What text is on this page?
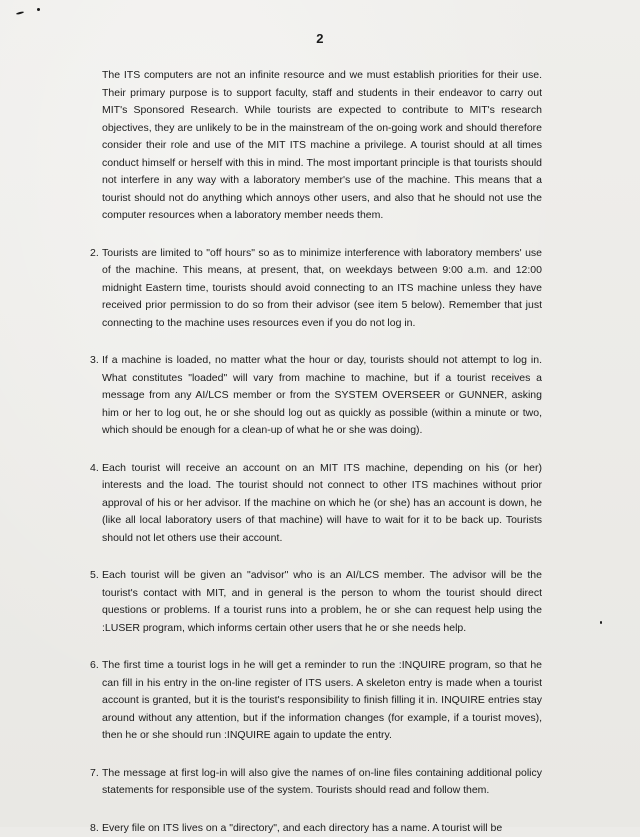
2

The ITS computers are not an infinite resource and we must establish priorities for their use. Their primary purpose is to support faculty, staff and students in their endeavor to carry out MIT's Sponsored Research. While tourists are expected to contribute to MIT's research objectives, they are unlikely to be in the mainstream of the on-going work and should therefore consider their role and use of the MIT ITS machine a privilege. A tourist should at all times conduct himself or herself with this in mind. The most important principle is that tourists should not interfere in any way with a laboratory member's use of the machine. This means that a tourist should not do anything which annoys other users, and also that he should not use the computer resources when a laboratory member needs them.

2. Tourists are limited to "off hours" so as to minimize interference with laboratory members' use of the machine. This means, at present, that, on weekdays between 9:00 a.m. and 12:00 midnight Eastern time, tourists should avoid connecting to an ITS machine unless they have received prior permission to do so from their advisor (see item 5 below). Remember that just connecting to the machine uses resources even if you do not log in.
3. If a machine is loaded, no matter what the hour or day, tourists should not attempt to log in. What constitutes "loaded" will vary from machine to machine, but if a tourist receives a message from any AI/LCS member or from the SYSTEM OVERSEER or GUNNER, asking him or her to log out, he or she should log out as quickly as possible (within a minute or two, which should be enough for a clean-up of what he or she was doing).
4. Each tourist will receive an account on an MIT ITS machine, depending on his (or her) interests and the load. The tourist should not connect to other ITS machines without prior approval of his or her advisor. If the machine on which he (or she) has an account is down, he (like all local laboratory users of that machine) will have to wait for it to be back up. Tourists should not let others use their account.
5. Each tourist will be given an "advisor" who is an AI/LCS member. The advisor will be the tourist's contact with MIT, and in general is the person to whom the tourist should direct questions or problems. If a tourist runs into a problem, he or she can request help using the :LUSER program, which informs certain other users that he or she needs help.
6. The first time a tourist logs in he will get a reminder to run the :INQUIRE program, so that he can fill in his entry in the on-line register of ITS users. A skeleton entry is made when a tourist account is granted, but it is the tourist's responsibility to finish filling it in. INQUIRE entries stay around without any attention, but if the information changes (for example, if a tourist moves), then he or she should run :INQUIRE again to update the entry.
7. The message at first log-in will also give the names of on-line files containing additional policy statements for responsible use of the system. Tourists should read and follow them.
8. Every file on ITS lives on a "directory", and each directory has a name. A tourist will be
